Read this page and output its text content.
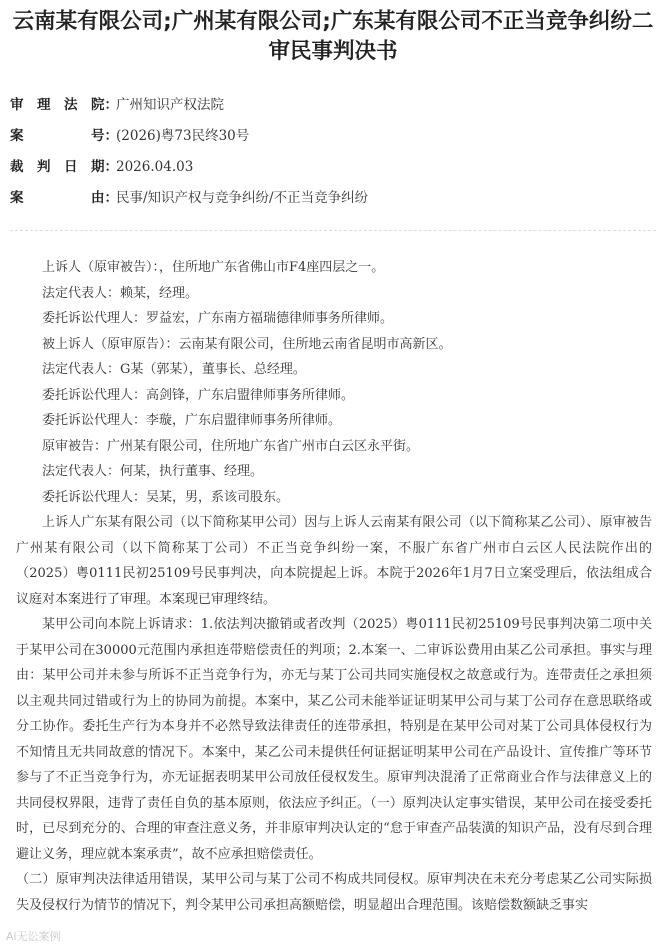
云南某有限公司;广州某有限公司;广东某有限公司不正当竞争纠纷二审民事判决书
审　理　法　院：
广州知识产权法院
案　　　　　号：
(2026)粤73民终30号
裁　判　日　期：
2026.04.03
案　　　　　由：
民事/知识产权与竞争纠纷/不正当竞争纠纷

上诉人（原审被告）：，住所地广东省佛山市F4座四层之一。

法定代表人：赖某，经理。

委托诉讼代理人：罗益宏，广东南方福瑞德律师事务所律师。

被上诉人（原审原告）：云南某有限公司，住所地云南省昆明市高新区。

法定代表人：G某（郭某），董事长、总经理。

委托诉讼代理人：高剑锋，广东启盟律师事务所律师。

委托诉讼代理人：李璇，广东启盟律师事务所律师。

原审被告：广州某有限公司，住所地广东省广州市白云区永平街。

法定代表人：何某，执行董事、经理。

委托诉讼代理人：吴某，男，系该司股东。

上诉人广东某有限公司（以下简称某甲公司）因与上诉人云南某有限公司（以下简称某乙公司）、原审被告广州某有限公司（以下简称某丁公司）不正当竞争纠纷一案，不服广东省广州市白云区人民法院作出的（2025）粤0111民初25109号民事判决，向本院提起上诉。本院于2026年1月7日立案受理后，依法组成合议庭对本案进行了审理。本案现已审理终结。

某甲公司向本院上诉请求：1.依法判决撤销或者改判（2025）粤0111民初25109号民事判决第二项中关于某甲公司在30000元范围内承担连带赔偿责任的判项；2.本案一、二审诉讼费用由某乙公司承担。事实与理由：某甲公司并未参与所诉不正当竞争行为，亦无与某丁公司共同实施侵权之故意或行为。连带责任之承担须以主观共同过错或行为上的协同为前提。本案中，某乙公司未能举证证明某甲公司与某丁公司存在意思联络或分工协作。委托生产行为本身并不必然导致法律责任的连带承担，特别是在某甲公司对某丁公司具体侵权行为不知情且无共同故意的情况下。本案中，某乙公司未提供任何证据证明某甲公司在产品设计、宣传推广等环节参与了不正当竞争行为，亦无证据表明某甲公司放任侵权发生。原审判决混淆了正常商业合作与法律意义上的共同侵权界限，违背了责任自负的基本原则，依法应予纠正。（一）原判决认定事实错误，某甲公司在接受委托时，已尽到充分的、合理的审查注意义务，并非原审判决认定的“怠于审查产品装潢的知识产品，没有尽到合理避让义务，理应就本案承责”，故不应承担赔偿责任。

（二）原审判决法律适用错误，某甲公司与某丁公司不构成共同侵权。原审判决在未充分考虑某乙公司实际损失及侵权行为情节的情况下，判令某甲公司承担高额赔偿，明显超出合理范围。该赔偿数额缺乏事实

Ai无讼案例
